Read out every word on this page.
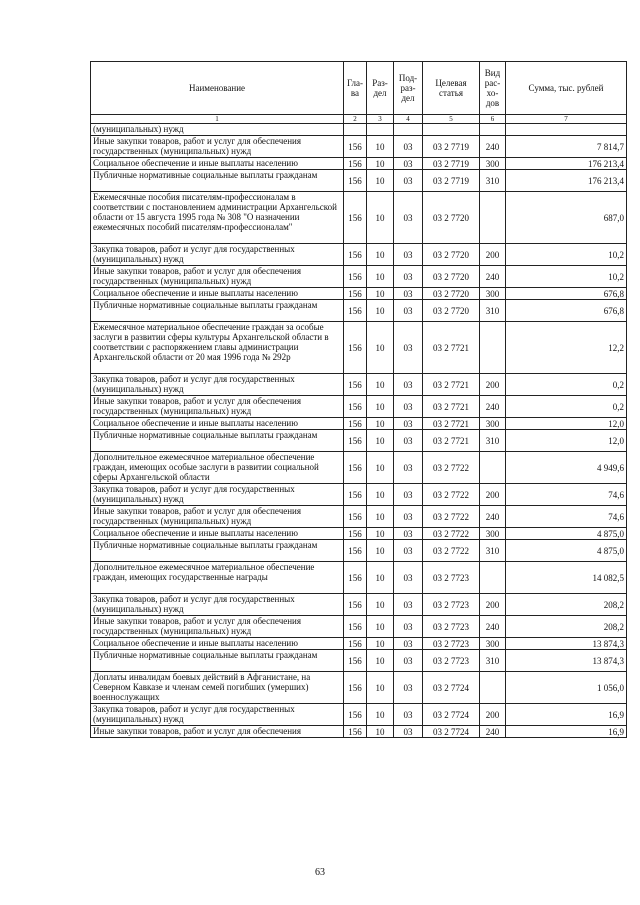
Наименование	Гла-ва	Раз-дел	Под-раз-дел	Целевая статья	Вид рас-хо-дов	Сумма, тыс. рублей
1	2	3	4	5	6	7
(муниципальных) нужд						
Иные закупки товаров, работ и услуг для обеспечения государственных (муниципальных) нужд	156	10	03	03 2 7719	240	7 814,7
Социальное обеспечение и иные выплаты населению	156	10	03	03 2 7719	300	176 213,4
Публичные нормативные социальные выплаты гражданам	156	10	03	03 2 7719	310	176 213,4
Ежемесячные пособия писателям-профессионалам в соответствии с постановлением администрации Архангельской области от 15 августа 1995 года № 308 "О назначении ежемесячных пособий писателям-профессионалам"	156	10	03	03 2 7720		687,0
Закупка товаров, работ и услуг для государственных (муниципальных) нужд	156	10	03	03 2 7720	200	10,2
Иные закупки товаров, работ и услуг для обеспечения государственных (муниципальных) нужд	156	10	03	03 2 7720	240	10,2
Социальное обеспечение и иные выплаты населению	156	10	03	03 2 7720	300	676,8
Публичные нормативные социальные выплаты гражданам	156	10	03	03 2 7720	310	676,8
Ежемесячное материальное обеспечение граждан за особые заслуги в развитии сферы культуры Архангельской области в соответствии с распоряжением главы администрации Архангельской области от 20 мая 1996 года № 292р	156	10	03	03 2 7721		12,2
Закупка товаров, работ и услуг для государственных (муниципальных) нужд	156	10	03	03 2 7721	200	0,2
Иные закупки товаров, работ и услуг для обеспечения государственных (муниципальных) нужд	156	10	03	03 2 7721	240	0,2
Социальное обеспечение и иные выплаты населению	156	10	03	03 2 7721	300	12,0
Публичные нормативные социальные выплаты гражданам	156	10	03	03 2 7721	310	12,0
Дополнительное ежемесячное материальное обеспечение граждан, имеющих особые заслуги в развитии социальной сферы Архангельской области	156	10	03	03 2 7722		4 949,6
Закупка товаров, работ и услуг для государственных (муниципальных) нужд	156	10	03	03 2 7722	200	74,6
Иные закупки товаров, работ и услуг для обеспечения государственных (муниципальных) нужд	156	10	03	03 2 7722	240	74,6
Социальное обеспечение и иные выплаты населению	156	10	03	03 2 7722	300	4 875,0
Публичные нормативные социальные выплаты гражданам	156	10	03	03 2 7722	310	4 875,0
Дополнительное ежемесячное материальное обеспечение граждан, имеющих государственные награды	156	10	03	03 2 7723		14 082,5
Закупка товаров, работ и услуг для государственных (муниципальных) нужд	156	10	03	03 2 7723	200	208,2
Иные закупки товаров, работ и услуг для обеспечения государственных (муниципальных) нужд	156	10	03	03 2 7723	240	208,2
Социальное обеспечение и иные выплаты населению	156	10	03	03 2 7723	300	13 874,3
Публичные нормативные социальные выплаты гражданам	156	10	03	03 2 7723	310	13 874,3
Доплаты инвалидам боевых действий в Афганистане, на Северном Кавказе и членам семей погибших (умерших) военнослужащих	156	10	03	03 2 7724		1 056,0
Закупка товаров, работ и услуг для государственных (муниципальных) нужд	156	10	03	03 2 7724	200	16,9
Иные закупки товаров, работ и услуг для обеспечения	156	10	03	03 2 7724	240	16,9
63
